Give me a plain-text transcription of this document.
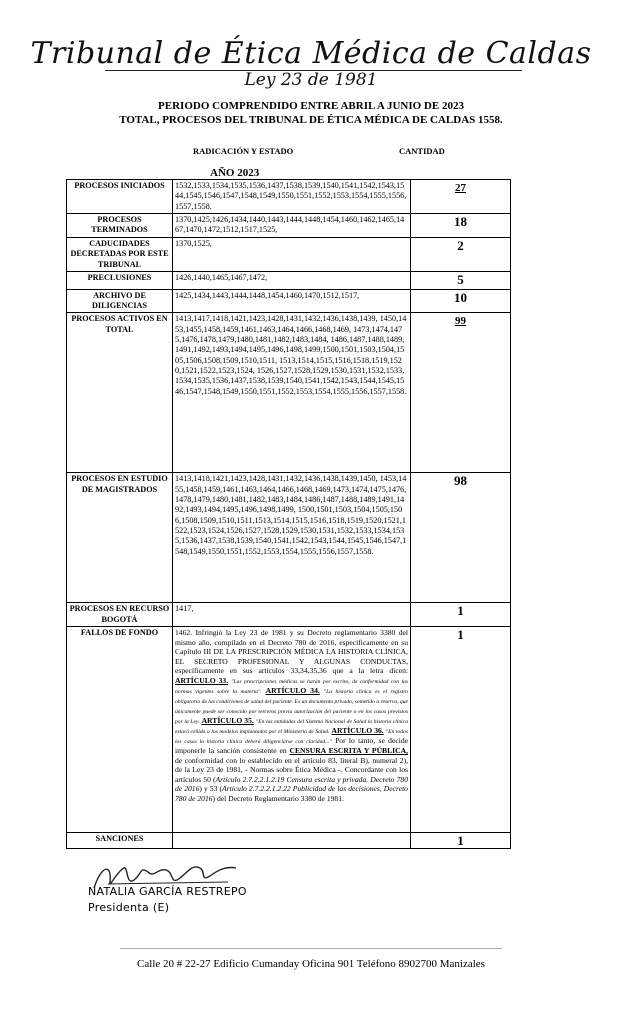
Tribunal de Ética Médica de Caldas
Ley 23 de 1981
PERIODO COMPRENDIDO ENTRE ABRIL A JUNIO DE 2023
TOTAL, PROCESOS DEL TRIBUNAL DE ÉTICA MÉDICA DE CALDAS 1558.
RADICACIÓN Y ESTADO	CANTIDAD
AÑO 2023
PROCESOS INICIADOS	1532,1533,1534,1535,1536,1437,1538,1539,1540,1541,1542,1543,1544,1545,1546,1547,1548,1549,1550,1551,1552,1553,1554,1555,1556,1557,1558.	27
PROCESOS TERMINADOS	1370,1425,1426,1434,1440,1443,1444,1448,1454,1460,1462,1465,1467,1470,1472,1512,1517,1525,	18
CADUCIDADES DECRETADAS POR ESTE TRIBUNAL	1370,1525,	2
PRECLUSIONES	1426,1440,1465,1467,1472,	5
ARCHIVO DE DILIGENCIAS	1425,1434,1443,1444,1448,1454,1460,1470,1512,1517,	10
PROCESOS ACTIVOS EN TOTAL	1413,1417,1418,1421,1423,1428,1431,1432,1436,1438,1439, 1450,1453,1455,1458,1459,1461,1463,1464,1466,1468,1469, 1473,1474,1475,1476,1478,1479,1480,1481,1482,1483,1484, 1486,1487,1488,1489,1491,1492,1493,1494,1495,1496,1498,1499,1500,1501,1503,1504,1505,1506,1508,1509,1510,1511, 1513,1514,1515,1516,1518,1519,1520,1521,1522,1523,1524, 1526,1527,1528,1529,1530,1531,1532,1533,1534,1535,1536,1437,1538,1539,1540,1541,1542,1543,1544,1545,1546,1547,1548,1549,1550,1551,1552,1553,1554,1555,1556,1557,1558.	99
PROCESOS EN ESTUDIO DE MAGISTRADOS	1413,1418,1421,1423,1428,1431,1432,1436,1438,1439,1450, 1453,1455,1458,1459,1461,1463,1464,1466,1468,1469,1473,1474,1475,1476,1478,1479,1480,1481,1482,1483,1484,1486,1487,1488,1489,1491,1492,1493,1494,1495,1496,1498,1499, 1500,1501,1503,1504,1505,1506,1508,1509,1510,1511,1513,1514,1515,1516,1518,1519,1520,1521,1522,1523,1524,1526,1527,1528,1529,1530,1531,1532,1533,1534,1535,1536,1437,1538,1539,1540,1541,1542,1543,1544,1545,1546,1547,1548,1549,1550,1551,1552,1553,1554,1555,1556,1557,1558.	98
PROCESOS EN RECURSO BOGOTÁ	1417,	1
FALLOS DE FONDO	1462. Infringió la Ley 23 de 1981 y su Decreto reglamentario 3380 del mismo año, compilado en el Decreto 780 de 2016, específicamente en su Capítulo III DE LA PRESCRIPCIÓN MÉDICA LA HISTORIA CLÍNICA, EL SECRETO PROFESIONAL Y ALGUNAS CONDUCTAS, específicamente en sus artículos 33,34,35,36 que a la letra dicen: ARTÍCULO 33. "Las prescripciones médicas se harán por escrito, de conformidad con las normas vigentes sobre la materia". ARTÍCULO 34. "La historia clínica es el registro obligatorio de las condiciones de salud del paciente. Es un documento privado, sometido a reserva, que únicamente puede ser conocido por terceros previa autorización del paciente o en los casos previstos por la Ley. ARTÍCULO 35. "En las entidades del Sistema Nacional de Salud la historia clínica estará ceñida a los modelos implantados por el Ministerio de Salud. ARTÍCULO 36. "En todos los casos la historia clínica deberá diligenciarse con claridad..." Por lo tanto, se decide imponerle la sanción consistente en CENSURA ESCRITA Y PÚBLICA, de conformidad con lo establecido en el artículo 83, literal B), numeral 2), de la Ley 23 de 1981, - Normas sobre Ética Médica -. Concordante con los artículos 50 (Artículo 2.7.2.2.1.2.19 Censura escrita y privada. Decreto 780 de 2016) y 53 (Artículo 2.7.2.2.1.2.22 Publicidad de las decisiones, Decreto 780 de 2016) del Decreto Reglamentario 3380 de 1981.	1
SANCIONES		1
NATALIA GARCÍA RESTREPO
Presidenta (E)
Calle 20 # 22-27 Edificio Cumanday Oficina 901 Teléfono 8902700 Manizales
